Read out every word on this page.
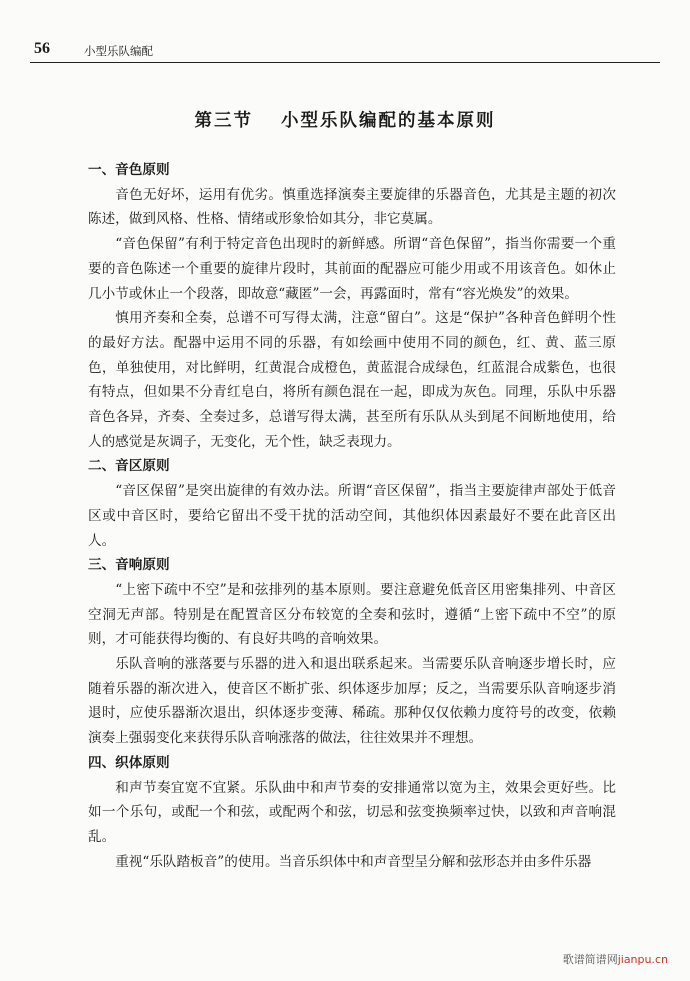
56	小型乐队编配
第三节 小型乐队编配的基本原则

一、音色原则

音色无好坏，运用有优劣。慎重选择演奏主要旋律的乐器音色，尤其是主题的初次陈述，做到风格、性格、情绪或形象恰如其分，非它莫属。

“音色保留”有利于特定音色出现时的新鲜感。所谓“音色保留”，指当你需要一个重要的音色陈述一个重要的旋律片段时，其前面的配器应可能少用或不用该音色。如休止几小节或休止一个段落，即故意“藏匿”一会，再露面时，常有“容光焕发”的效果。

慎用齐奏和全奏，总谱不可写得太满，注意“留白”。这是“保护”各种音色鲜明个性的最好方法。配器中运用不同的乐器，有如绘画中使用不同的颜色，红、黄、蓝三原色，单独使用，对比鲜明，红黄混合成橙色，黄蓝混合成绿色，红蓝混合成紫色，也很有特点，但如果不分青红皂白，将所有颜色混在一起，即成为灰色。同理，乐队中乐器音色各异，齐奏、全奏过多，总谱写得太满，甚至所有乐队从头到尾不间断地使用，给人的感觉是灰调子，无变化，无个性，缺乏表现力。

二、音区原则

“音区保留”是突出旋律的有效办法。所谓“音区保留”，指当主要旋律声部处于低音区或中音区时，要给它留出不受干扰的活动空间，其他织体因素最好不要在此音区出人。

三、音响原则

“上密下疏中不空”是和弦排列的基本原则。要注意避免低音区用密集排列、中音区空洞无声部。特别是在配置音区分布较宽的全奏和弦时，遵循“上密下疏中不空”的原则，才可能获得均衡的、有良好共鸣的音响效果。

乐队音响的涨落要与乐器的进入和退出联系起来。当需要乐队音响逐步增长时，应随着乐器的渐次进入，使音区不断扩张、织体逐步加厚；反之，当需要乐队音响逐步消退时，应使乐器渐次退出，织体逐步变薄、稀疏。那种仅仅依赖力度符号的改变，依赖演奏上强弱变化来获得乐队音响涨落的做法，往往效果并不理想。

四、织体原则

和声节奏宜宽不宜紧。乐队曲中和声节奏的安排通常以宽为主，效果会更好些。比如一个乐句，或配一个和弦，或配两个和弦，切忌和弦变换频率过快，以致和声音响混乱。

重视“乐队踏板音”的使用。当音乐织体中和声音型呈分解和弦形态并由多件乐器

歌谱简谱网jianpu.cn
